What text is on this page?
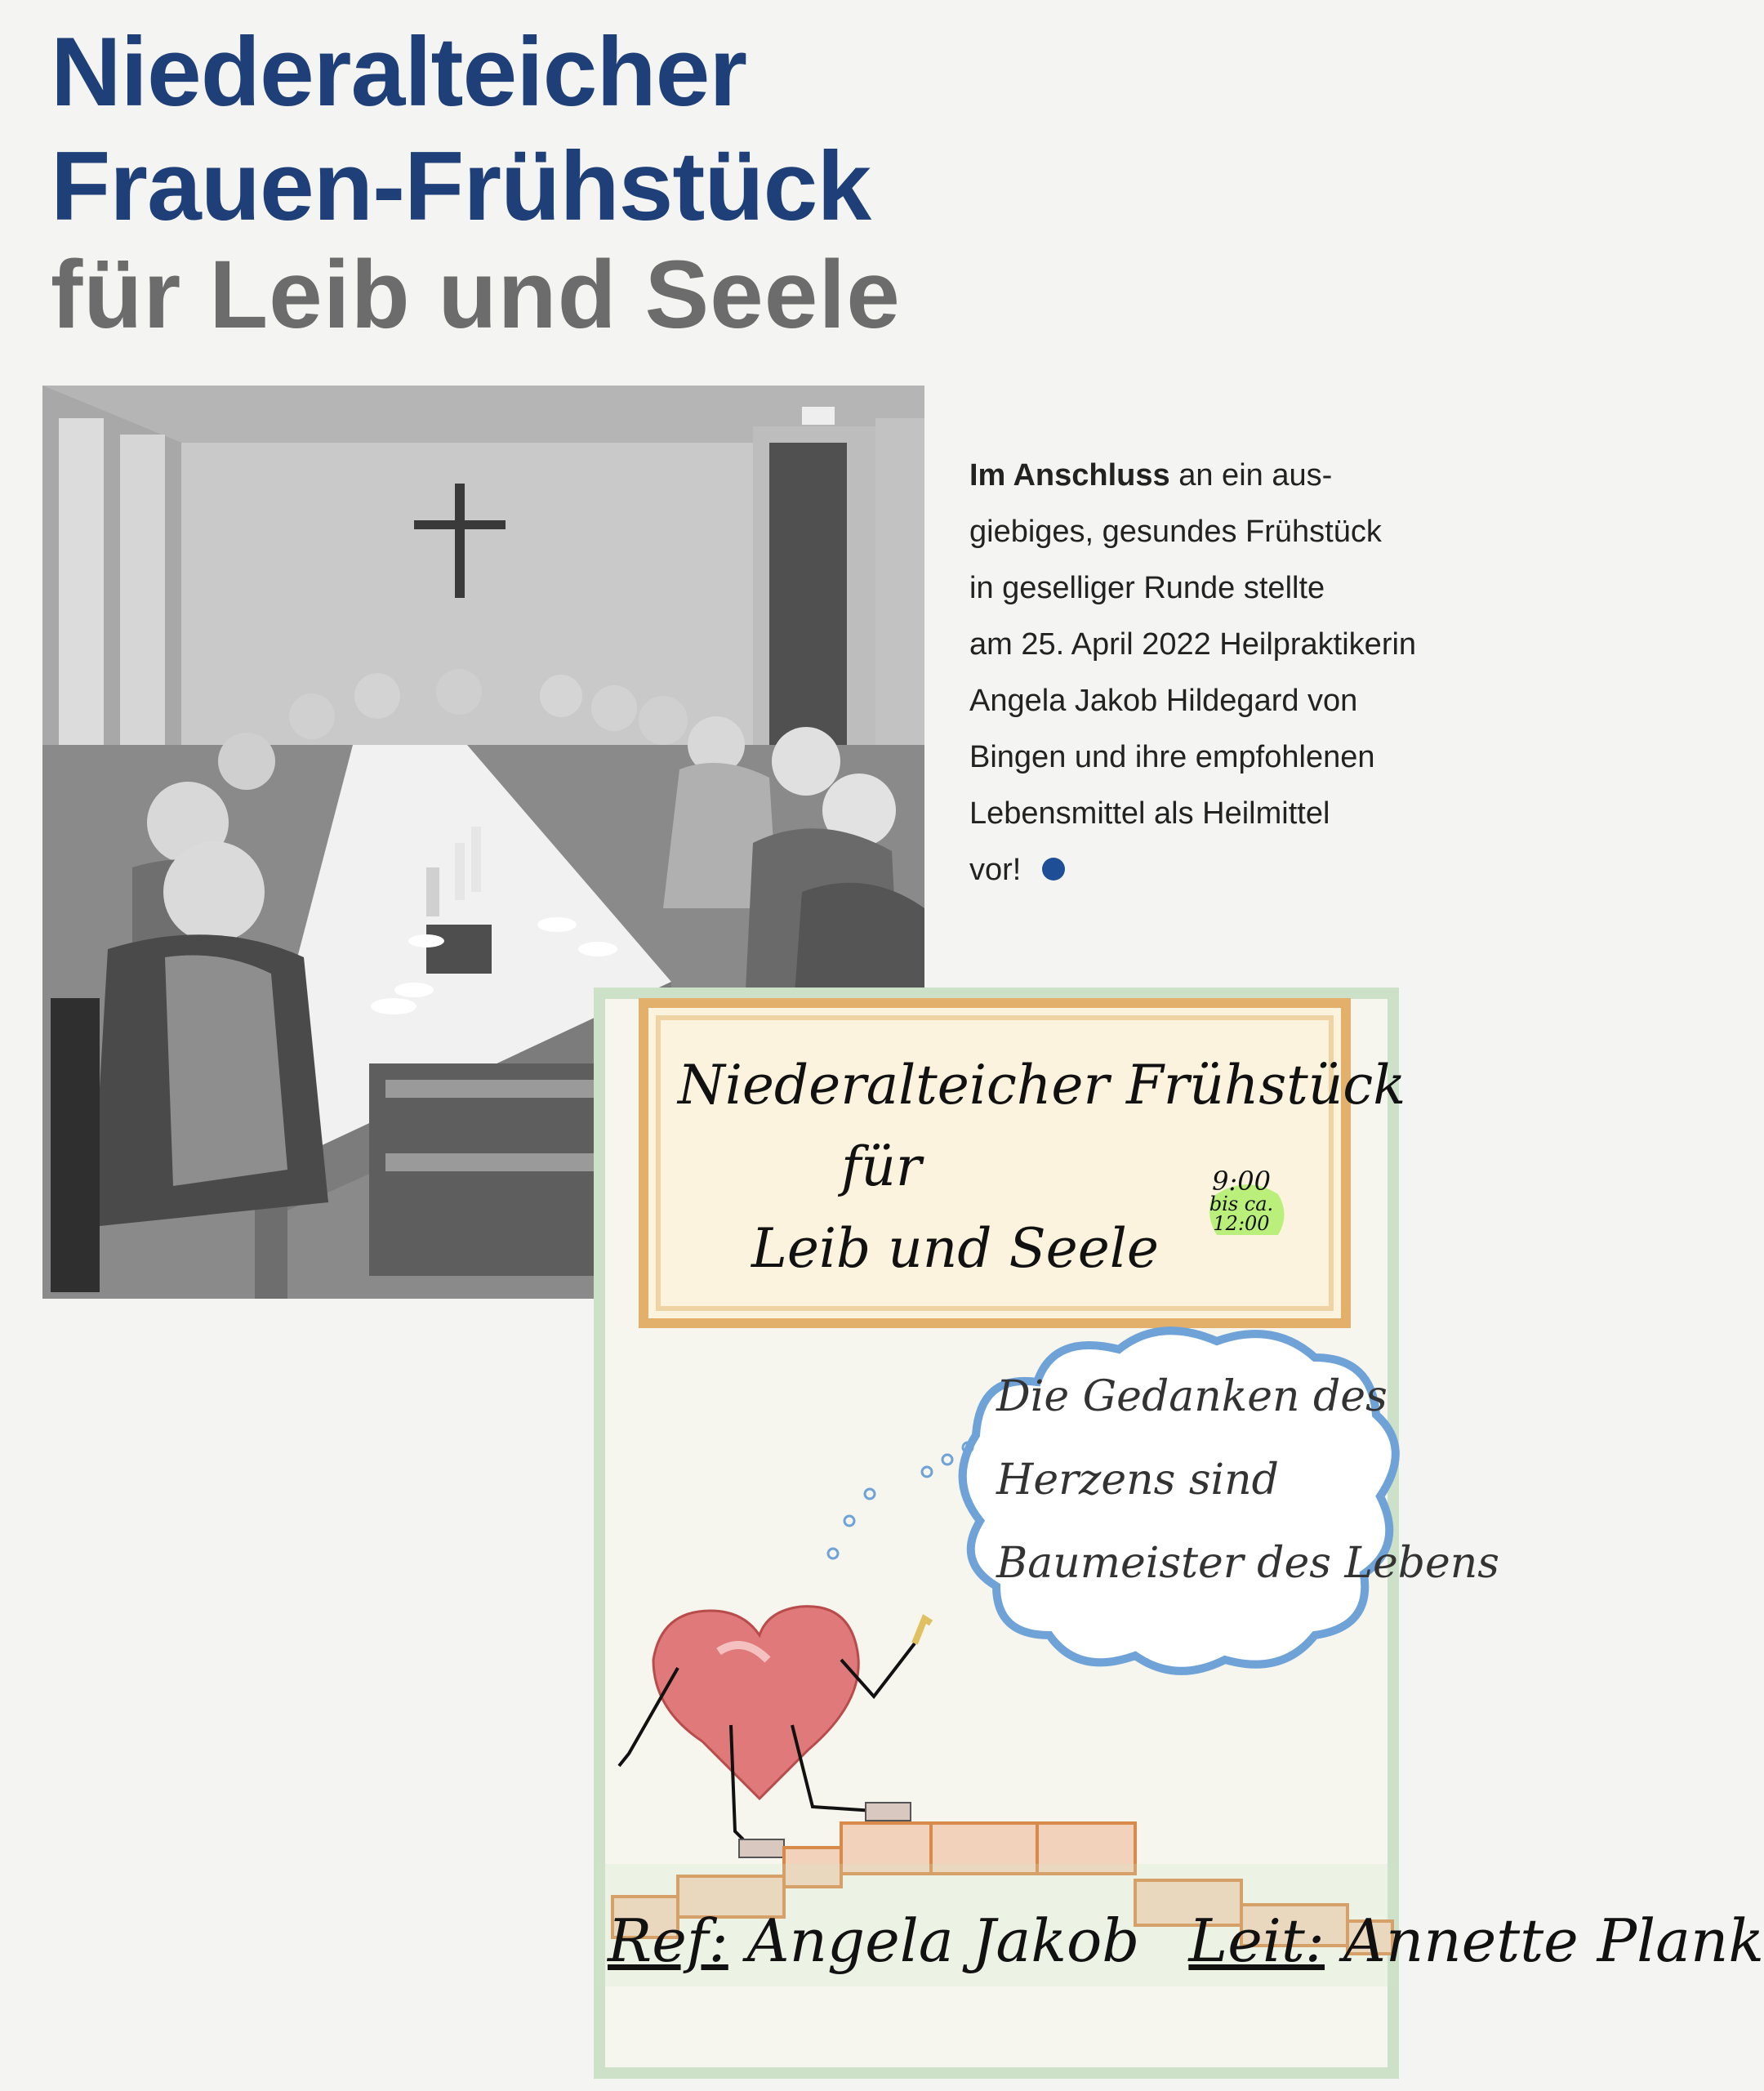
Niederalteicher
Frauen-Frühstück
für Leib und Seele
Im Anschluss an ein aus-
giebiges, gesundes Frühstück
in geselliger Runde stellte
am 25. April 2022 Heilpraktikerin
Angela Jakob Hildegard von
Bingen und ihre empfohlenen
Lebensmittel als Heilmittel
vor!
Niederalteicher Frühstück
für
Leib und Seele
9:00
bis ca.
12:00
Die Gedanken des
Herzens sind
Baumeister des Lebens
Ref: Angela Jakob Leit: Annette Plank
